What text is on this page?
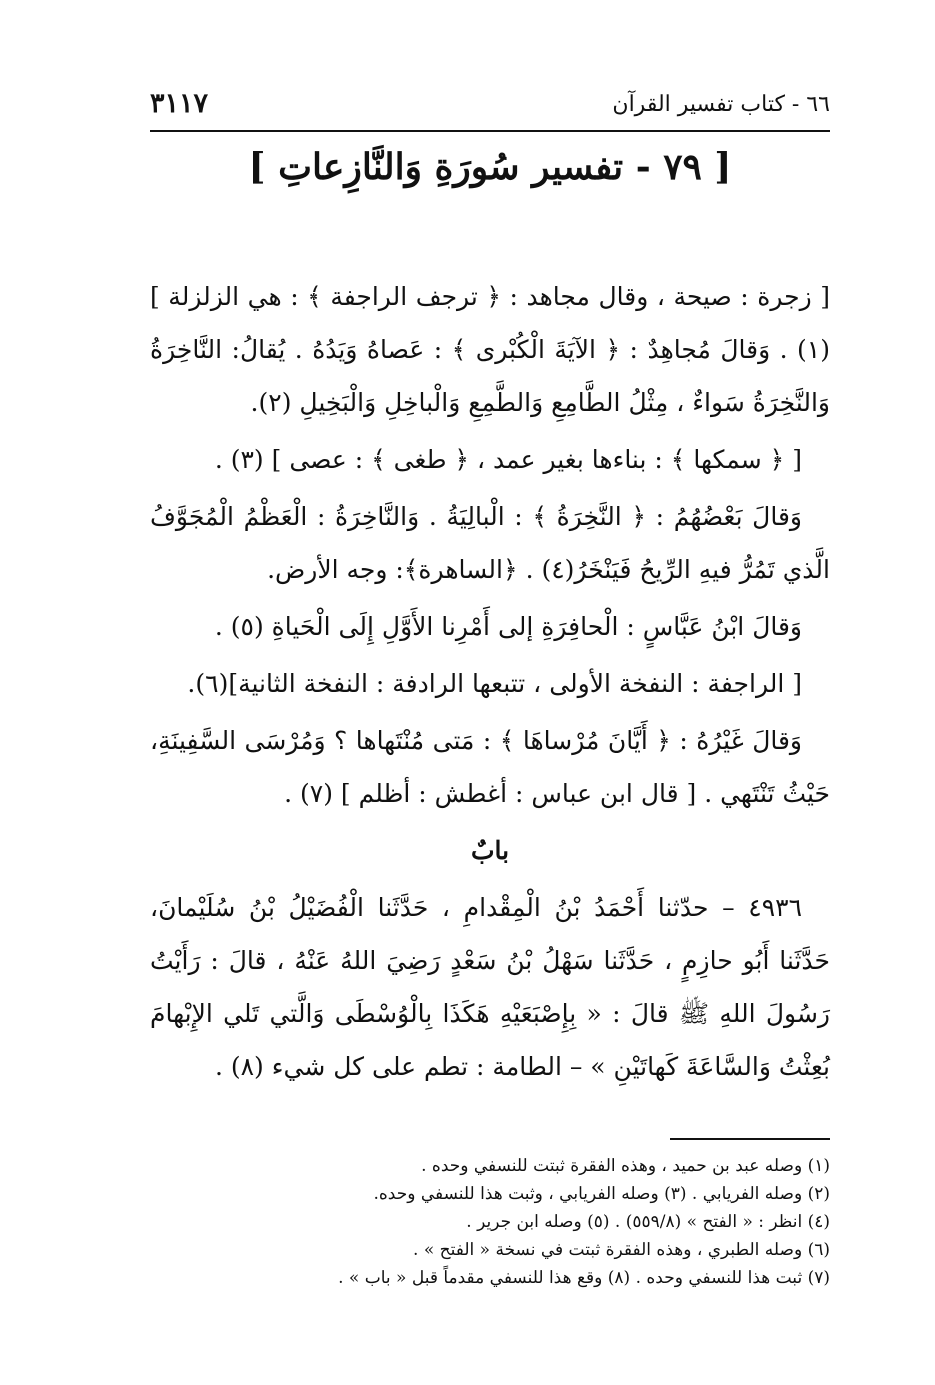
٦٦ - كتاب تفسير القرآن
٣١١٧
[ ٧٩ - تفسير سُورَةِ وَالنَّازِعاتِ ]

[ زجرة : صيحة ، وقال مجاهد : ﴿ ترجف الراجفة ﴾ : هي الزلزلة ] (١) . وَقالَ مُجاهِدٌ : ﴿ الآيَةَ الْكُبْرى ﴾ : عَصاهُ وَيَدُهُ . يُقالُ: النَّاخِرَةُ وَالنَّخِرَةُ سَواءٌ ، مِثْلُ الطَّامِعِ وَالطَّمِعِ وَالْباخِلِ وَالْبَخِيلِ (٢).

[ ﴿ سمكها ﴾ : بناءها بغير عمد ، ﴿ طغى ﴾ : عصى ] (٣) .

وَقالَ بَعْضُهُمُ : ﴿ النَّخِرَةُ ﴾ : الْبالِيَةُ . وَالنَّاخِرَةُ : الْعَظْمُ الْمُجَوَّفُ الَّذي تَمُرُّ فيهِ الرِّيحُ فَيَنْخَرُ(٤) . ﴿الساهرة﴾: وجه الأرض.

وَقالَ ابْنُ عَبَّاسٍ : الْحافِرَةِ إلى أَمْرِنا الأَوَّلِ إِلَى الْحَياةِ (٥) .

[ الراجفة : النفخة الأولى ، تتبعها الرادفة : النفخة الثانية](٦).

وَقالَ غَيْرُهُ : ﴿ أَيَّانَ مُرْساهَا ﴾ : مَتى مُنْتَهاها ؟ وَمُرْسَى السَّفِينَةِ، حَيْثُ تَنْتَهي . [ قال ابن عباس : أغطش : أظلم ] (٧) .

بابٌ

٤٩٣٦ – حدّثنا أَحْمَدُ بْنُ الْمِقْدامِ ، حَدَّثَنا الْفُضَيْلُ بْنُ سُلَيْمانَ، حَدَّثَنا أَبُو حازِمٍ ، حَدَّثَنا سَهْلُ بْنُ سَعْدٍ رَضِيَ اللهُ عَنْهُ ، قالَ : رَأَيْتُ رَسُولَ اللهِ ﷺ قالَ : « بِإِصْبَعَيْهِ هَكَذَا بِالْوُسْطَى وَالَّتي تَلي الإِبْهامَ بُعِثْتُ وَالسَّاعَةَ كَهاتَيْنِ » – الطامة : تطم على كل شيء (٨) .

(١) وصله عبد بن حميد ، وهذه الفقرة ثبتت للنسفي وحده .
(٢) وصله الفريابي . (٣) وصله الفريابي ، وثبت هذا للنسفي وحده.
(٤) انظر : « الفتح » (٥٥٩/٨) . (٥) وصله ابن جرير .
(٦) وصله الطبري ، وهذه الفقرة ثبتت في نسخة « الفتح » .
(٧) ثبت هذا للنسفي وحده . (٨) وقع هذا للنسفي مقدماً قبل « باب » .
